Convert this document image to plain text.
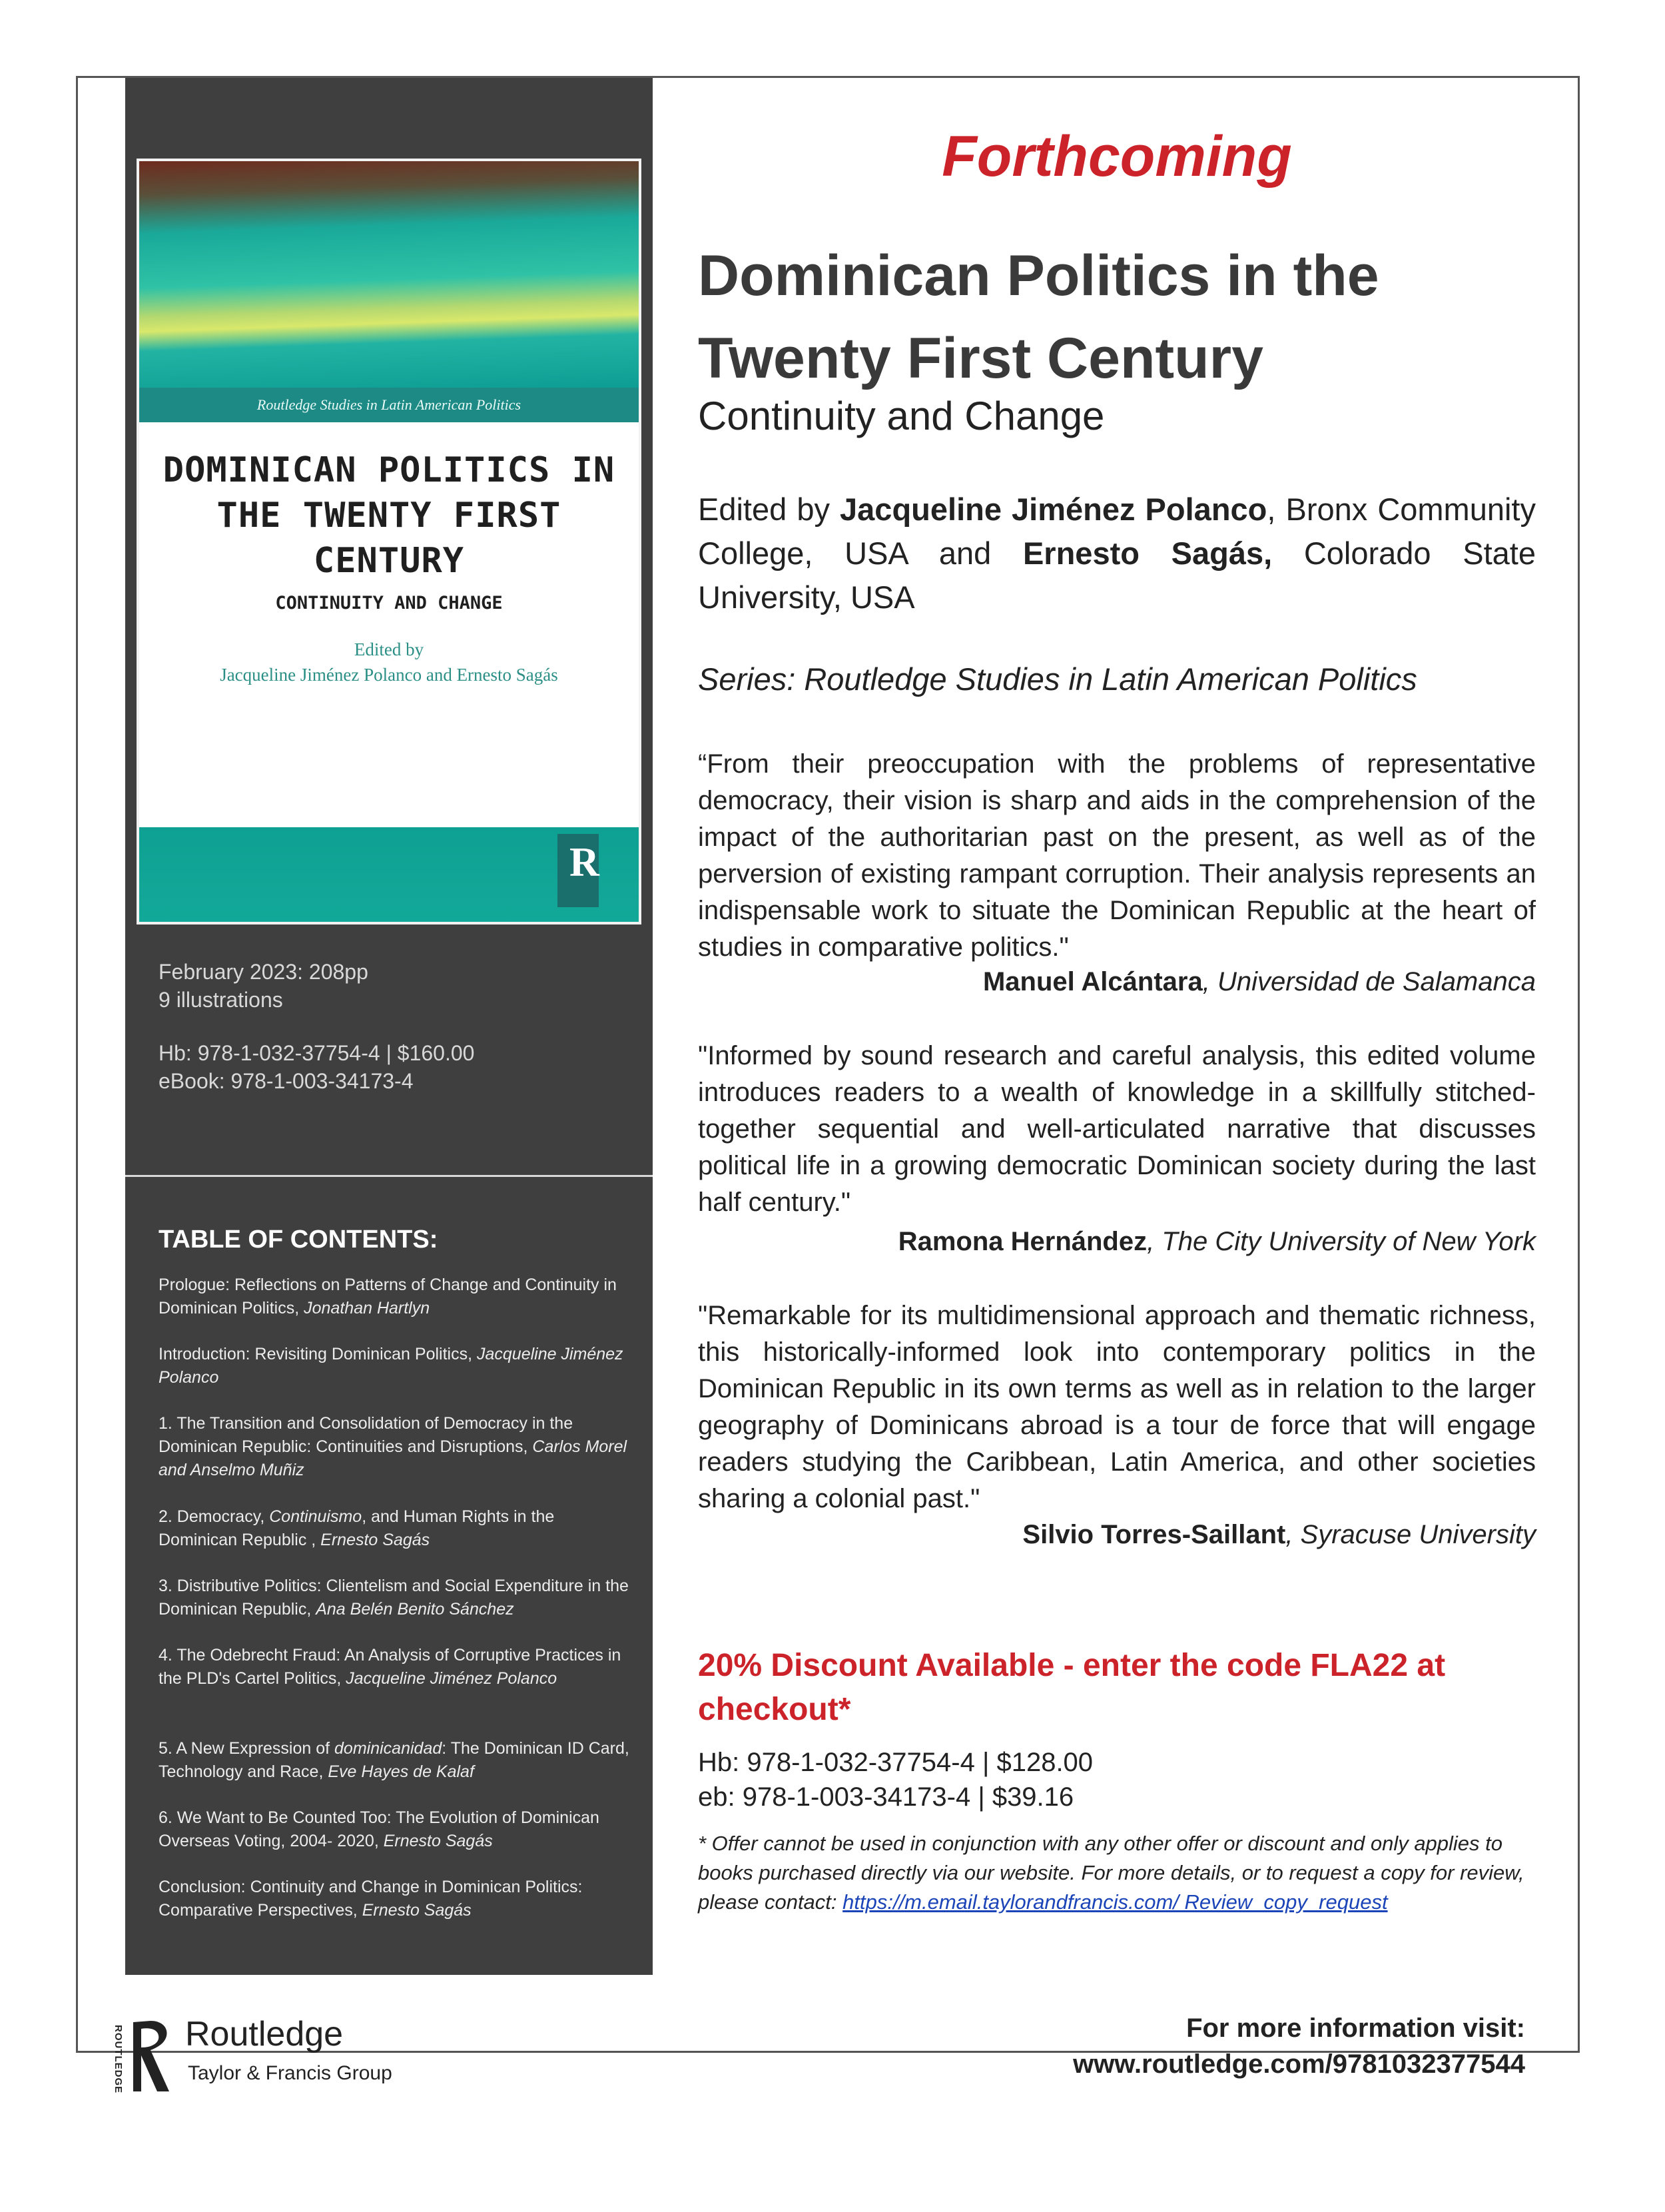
Routledge Studies in Latin American Politics
DOMINICAN POLITICS IN
THE TWENTY FIRST
CENTURY
CONTINUITY AND CHANGE
Edited by
Jacqueline Jiménez Polanco and Ernesto Sagás
R
February 2023: 208pp
9 illustrations
Hb: 978-1-032-37754-4 | $160.00
eBook: 978-1-003-34173-4
TABLE OF CONTENTS:
Prologue: Reflections on Patterns of Change and Continuity in Dominican Politics, Jonathan Hartlyn
Introduction: Revisiting Dominican Politics, Jacqueline Jiménez Polanco
1. The Transition and Consolidation of Democracy in the Dominican Republic: Continuities and Disruptions, Carlos Morel and Anselmo Muñiz
2. Democracy, Continuismo, and Human Rights in the Dominican Republic , Ernesto Sagás
3. Distributive Politics: Clientelism and Social Expenditure in the Dominican Republic, Ana Belén Benito Sánchez
4. The Odebrecht Fraud: An Analysis of Corruptive Practices in the PLD's Cartel Politics, Jacqueline Jiménez Polanco
5. A New Expression of dominicanidad: The Dominican ID Card, Technology and Race, Eve Hayes de Kalaf
6. We Want to Be Counted Too: The Evolution of Dominican Overseas Voting, 2004- 2020, Ernesto Sagás
Conclusion: Continuity and Change in Dominican Politics: Comparative Perspectives, Ernesto Sagás
ROUTLEDGE Routledge
Taylor & Francis Group
Forthcoming
Dominican Politics in the
Twenty First Century
Continuity and Change
Edited by Jacqueline Jiménez Polanco, Bronx Community College, USA and Ernesto Sagás, Colorado State University, USA
Series: Routledge Studies in Latin American Politics
“From their preoccupation with the problems of representative democracy, their vision is sharp and aids in the comprehension of the impact of the authoritarian past on the present, as well as of the perversion of existing rampant corruption. Their analysis represents an indispensable work to situate the Dominican Republic at the heart of studies in comparative politics."
Manuel Alcántara, Universidad de Salamanca
"Informed by sound research and careful analysis, this edited volume introduces readers to a wealth of knowledge in a skillfully stitched-together sequential and well-articulated narrative that discusses political life in a growing democratic Dominican society during the last half century."
Ramona Hernández, The City University of New York
"Remarkable for its multidimensional approach and thematic richness, this historically-informed look into contemporary politics in the Dominican Republic in its own terms as well as in relation to the larger geography of Dominicans abroad is a tour de force that will engage readers studying the Caribbean, Latin America, and other societies sharing a colonial past."
Silvio Torres-Saillant, Syracuse University
20% Discount Available - enter the code FLA22 at checkout*
Hb: 978-1-032-37754-4 | $128.00
eb: 978-1-003-34173-4 | $39.16
* Offer cannot be used in conjunction with any other offer or discount and only applies to books purchased directly via our website. For more details, or to request a copy for review, please contact: https://m.email.taylorandfrancis.com/ Review_copy_request
For more information visit:
www.routledge.com/9781032377544
